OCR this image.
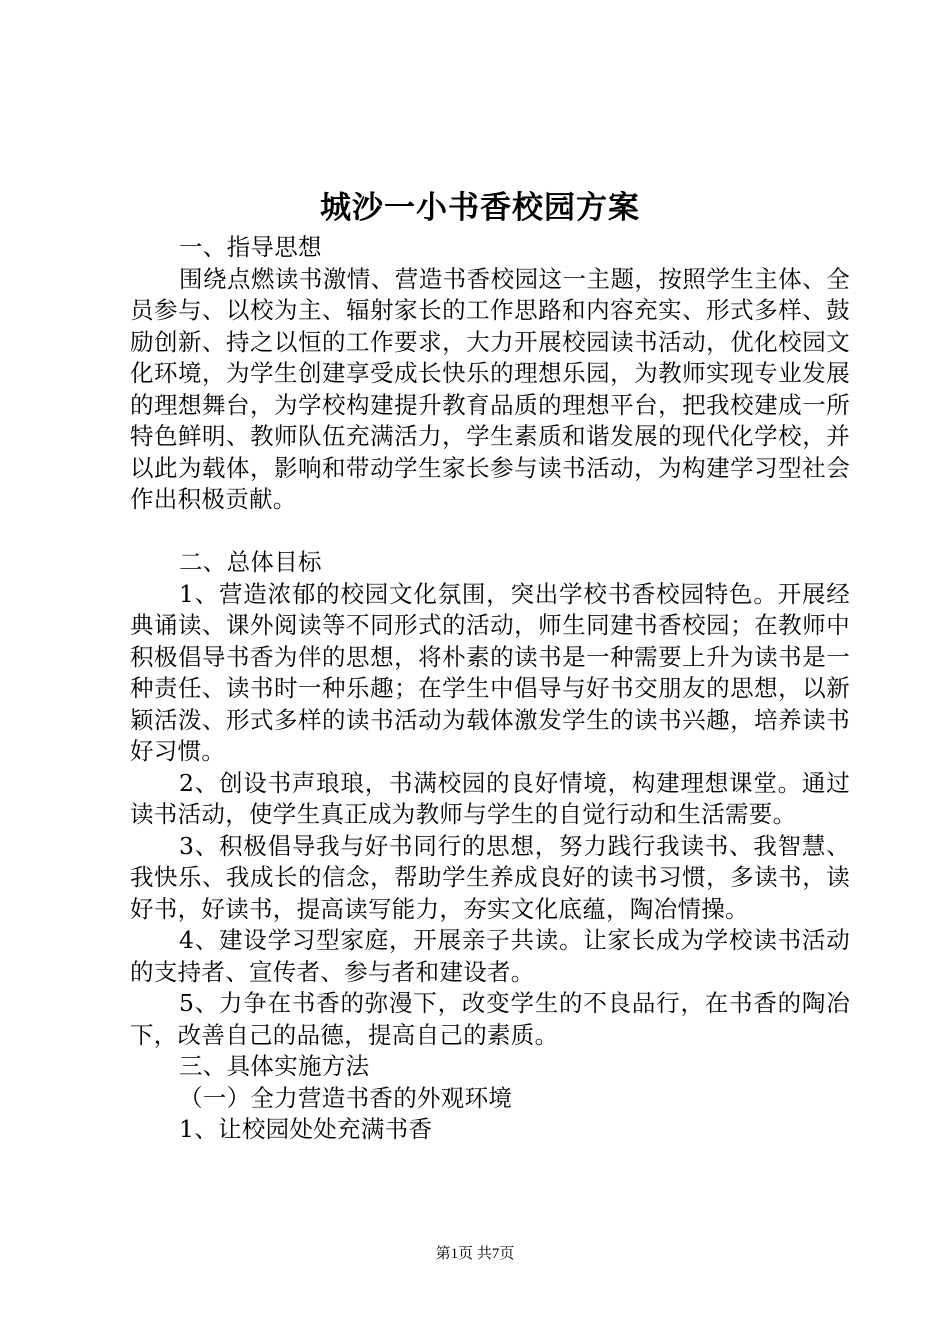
城沙一小书香校园方案

一、指导思想

围绕点燃读书激情、营造书香校园这一主题，按照学生主体、全员参与、以校为主、辐射家长的工作思路和内容充实、形式多样、鼓励创新、持之以恒的工作要求，大力开展校园读书活动，优化校园文化环境，为学生创建享受成长快乐的理想乐园，为教师实现专业发展的理想舞台，为学校构建提升教育品质的理想平台，把我校建成一所特色鲜明、教师队伍充满活力，学生素质和谐发展的现代化学校，并以此为载体，影响和带动学生家长参与读书活动，为构建学习型社会作出积极贡献。

二、总体目标

1、营造浓郁的校园文化氛围，突出学校书香校园特色。开展经典诵读、课外阅读等不同形式的活动，师生同建书香校园；在教师中积极倡导书香为伴的思想，将朴素的读书是一种需要上升为读书是一种责任、读书时一种乐趣；在学生中倡导与好书交朋友的思想，以新颖活泼、形式多样的读书活动为载体激发学生的读书兴趣，培养读书好习惯。

2、创设书声琅琅，书满校园的良好情境，构建理想课堂。通过读书活动，使学生真正成为教师与学生的自觉行动和生活需要。

3、积极倡导我与好书同行的思想，努力践行我读书、我智慧、我快乐、我成长的信念，帮助学生养成良好的读书习惯，多读书，读好书，好读书，提高读写能力，夯实文化底蕴，陶冶情操。

4、建设学习型家庭，开展亲子共读。让家长成为学校读书活动的支持者、宣传者、参与者和建设者。

5、力争在书香的弥漫下，改变学生的不良品行，在书香的陶冶下，改善自己的品德，提高自己的素质。

三、具体实施方法

（一）全力营造书香的外观环境

1、让校园处处充满书香

第1页 共7页
